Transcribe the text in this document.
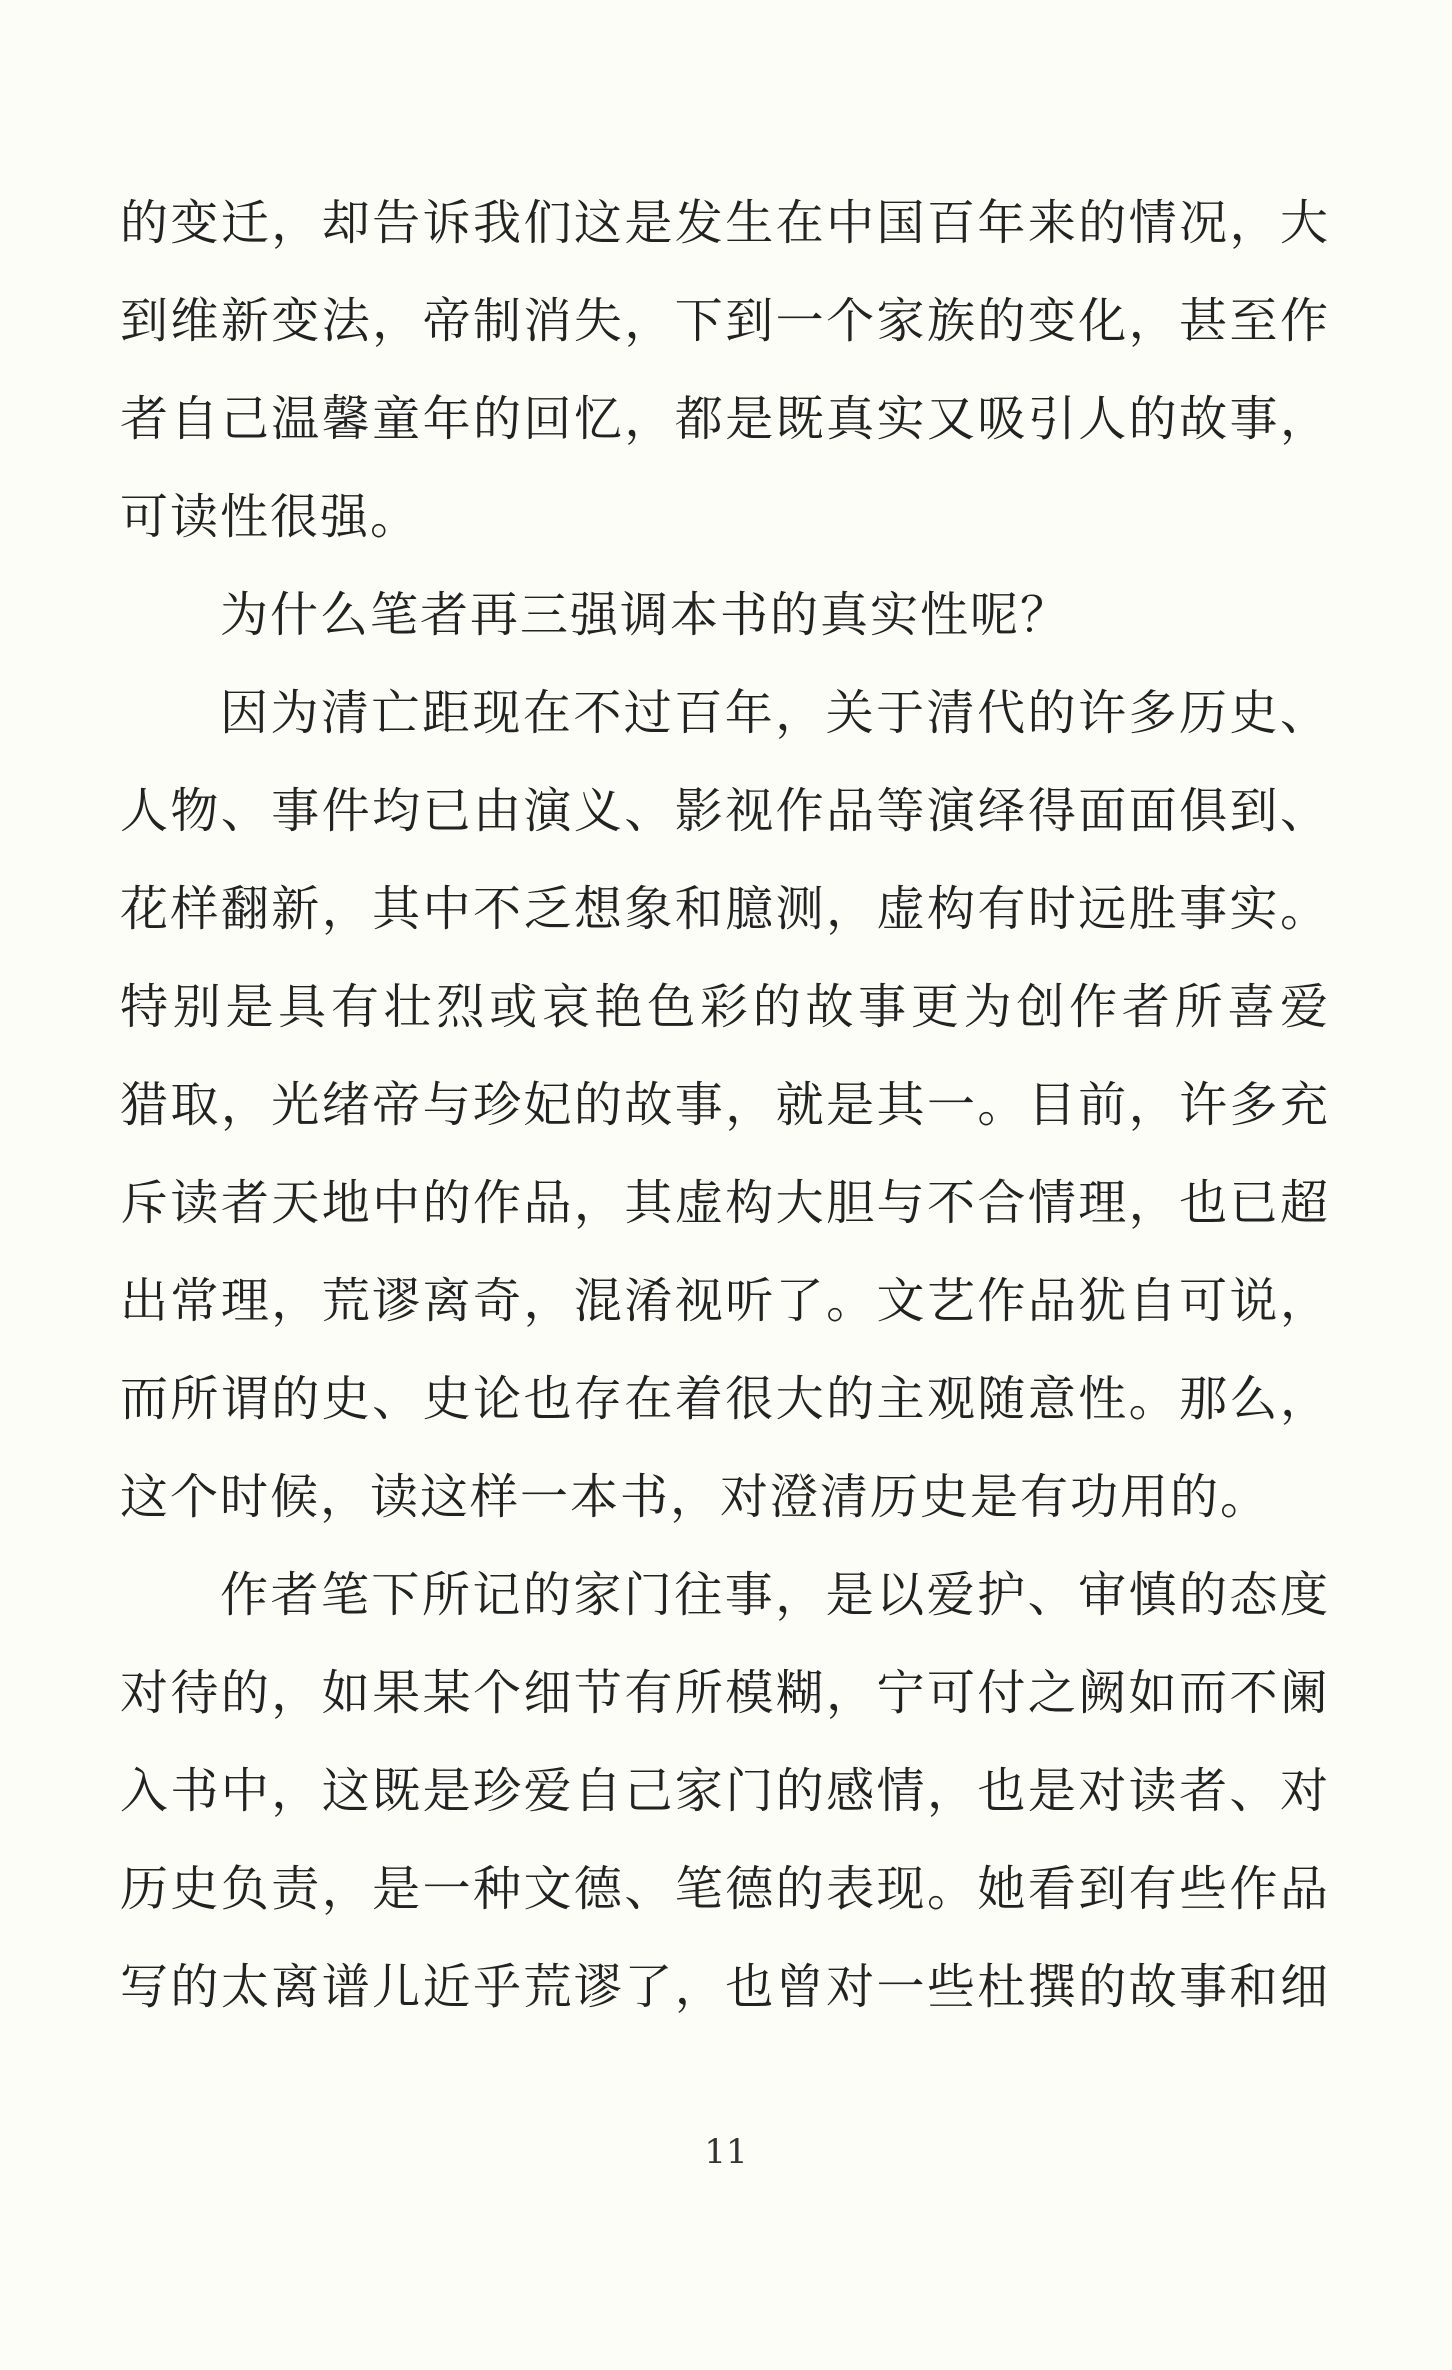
的变迁，却告诉我们这是发生在中国百年来的情况，大
到维新变法，帝制消失，下到一个家族的变化，甚至作
者自己温馨童年的回忆，都是既真实又吸引人的故事，
可读性很强。
为什么笔者再三强调本书的真实性呢？
因为清亡距现在不过百年，关于清代的许多历史、
人物、事件均已由演义、影视作品等演绎得面面俱到、
花样翻新，其中不乏想象和臆测，虚构有时远胜事实。
特别是具有壮烈或哀艳色彩的故事更为创作者所喜爱
猎取，光绪帝与珍妃的故事，就是其一。目前，许多充
斥读者天地中的作品，其虚构大胆与不合情理，也已超
出常理，荒谬离奇，混淆视听了。文艺作品犹自可说，
而所谓的史、史论也存在着很大的主观随意性。那么，
这个时候，读这样一本书，对澄清历史是有功用的。
作者笔下所记的家门往事，是以爱护、审慎的态度
对待的，如果某个细节有所模糊，宁可付之阙如而不阑
入书中，这既是珍爱自己家门的感情，也是对读者、对
历史负责，是一种文德、笔德的表现。她看到有些作品
写的太离谱儿近乎荒谬了，也曾对一些杜撰的故事和细
11
